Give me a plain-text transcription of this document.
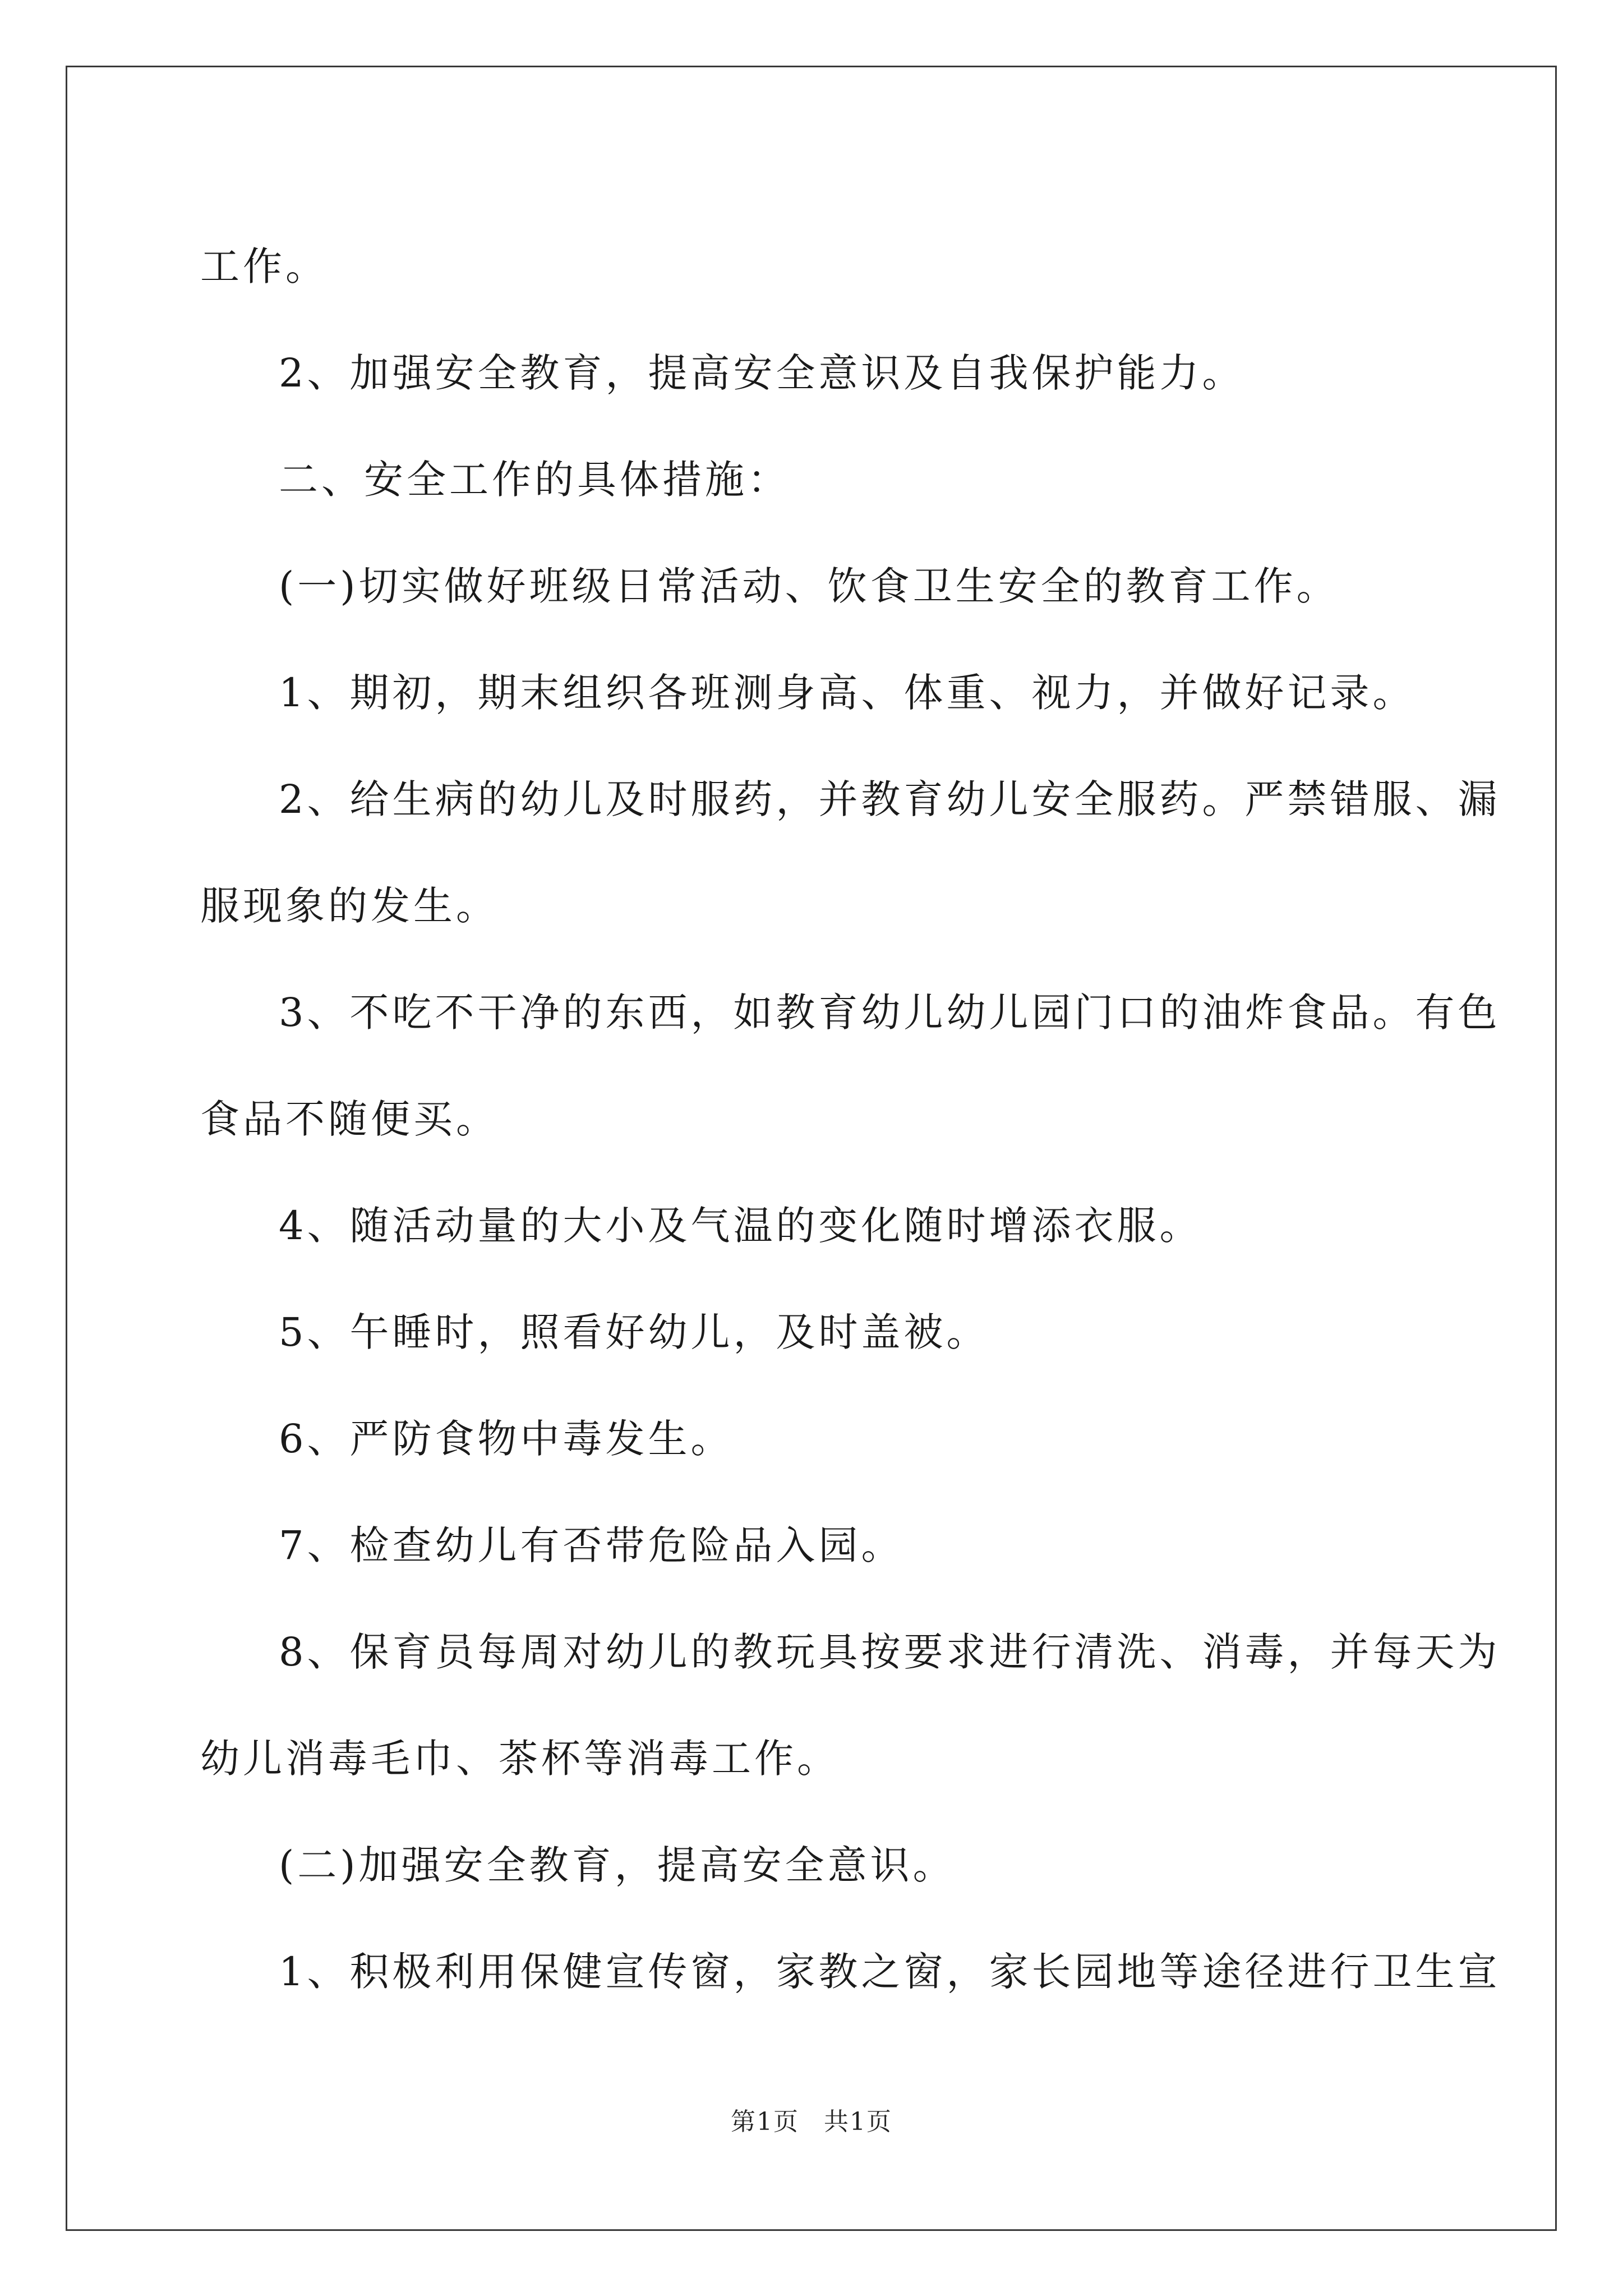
工作。

2、加强安全教育，提高安全意识及自我保护能力。

二、安全工作的具体措施：

(一)切实做好班级日常活动、饮食卫生安全的教育工作。

1、期初，期末组织各班测身高、体重、视力，并做好记录。

2、给生病的幼儿及时服药，并教育幼儿安全服药。严禁错服、漏

服现象的发生。

3、不吃不干净的东西，如教育幼儿幼儿园门口的油炸食品。有色

食品不随便买。

4、随活动量的大小及气温的变化随时增添衣服。

5、午睡时，照看好幼儿，及时盖被。

6、严防食物中毒发生。

7、检查幼儿有否带危险品入园。

8、保育员每周对幼儿的教玩具按要求进行清洗、消毒，并每天为

幼儿消毒毛巾、茶杯等消毒工作。

(二)加强安全教育，提高安全意识。

1、积极利用保健宣传窗，家教之窗，家长园地等途径进行卫生宣

第1页 共1页
